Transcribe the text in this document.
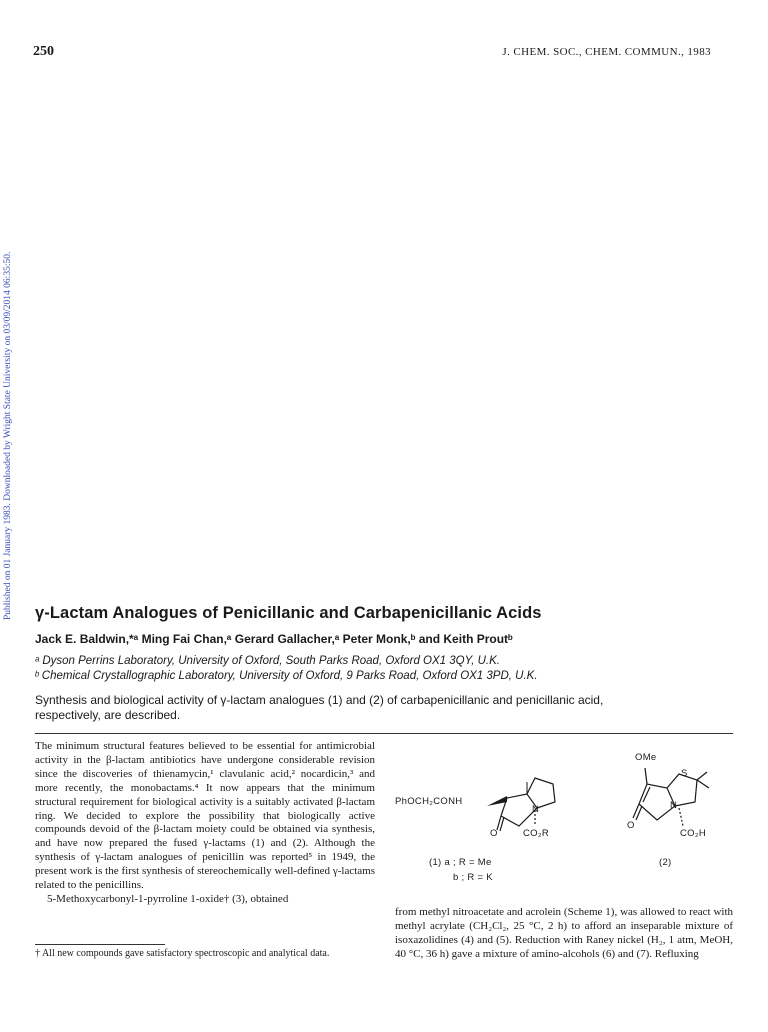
250	J. CHEM. SOC., CHEM. COMMUN., 1983
Published on 01 January 1983. Downloaded by Wright State University on 03/09/2014 06:35:50. γ-Lactam Analogues of Penicillanic and Carbapenicillanic Acids
Jack E. Baldwin,*ᵃ Ming Fai Chan,ᵃ Gerard Gallacher,ᵃ Peter Monk,ᵇ and Keith Proutᵇ
ᵃ Dyson Perrins Laboratory, University of Oxford, South Parks Road, Oxford OX1 3QY, U.K.
ᵇ Chemical Crystallographic Laboratory, University of Oxford, 9 Parks Road, Oxford OX1 3PD, U.K.
Synthesis and biological activity of γ-lactam analogues (1) and (2) of carbapenicillanic and penicillanic acid, respectively, are described.

The minimum structural features believed to be essential for antimicrobial activity in the β-lactam antibiotics have undergone considerable revision since the discoveries of thienamycin,¹ clavulanic acid,² nocardicin,³ and more recently, the monobactams.⁴ It now appears that the minimum structural requirement for biological activity is a suitably activated β-lactam ring. We decided to explore the possibility that biologically active compounds devoid of the β-lactam moiety could be obtained via synthesis, and have now prepared the fused γ-lactams (1) and (2). Although the synthesis of γ-lactam analogues of penicillin was reported⁵ in 1949, the present work is the first synthesis of stereochemically well-defined γ-lactams related to the penicillins.

5-Methoxycarbonyl-1-pyrroline 1-oxide† (3), obtained

† All new compounds gave satisfactory spectroscopic and analytical data.
PhOCH₂CONH
N
O	CO₂R
(1) a ; R = Me
b ; R = K
OMe
S
N
O
CO₂H
(2)

from methyl nitroacetate and acrolein (Scheme 1), was allowed to react with methyl acrylate (CH₂Cl₂, 25 °C, 2 h) to afford an inseparable mixture of isoxazolidines (4) and (5). Reduction with Raney nickel (H₂, 1 atm, MeOH, 40 °C, 36 h) gave a mixture of amino-alcohols (6) and (7). Refluxing
